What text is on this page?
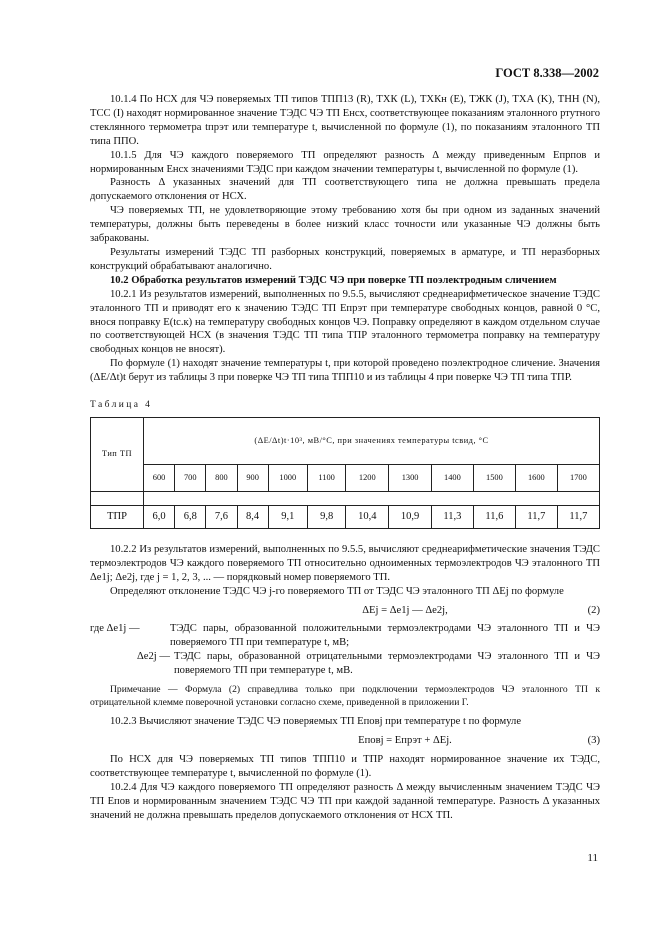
ГОСТ 8.338—2002

10.1.4 По НСХ для ЧЭ поверяемых ТП типов ТПП13 (R), ТХК (L), ТХКн (E), ТЖК (J), ТХА (K), ТНН (N), ТСС (I) находят нормированное значение ТЭДС ЧЭ ТП Eнсх, соответствующее показаниям эталонного ртутного стеклянного термометра tпрэт или температуре t, вычисленной по формуле (1), по показаниям эталонного ТП типа ППО.

10.1.5 Для ЧЭ каждого поверяемого ТП определяют разность Δ между приведенным Eпрпов и нормированным Eнсх значениями ТЭДС при каждом значении температуры t, вычисленной по формуле (1).

Разность Δ указанных значений для ТП соответствующего типа не должна превышать предела допускаемого отклонения от НСХ.

ЧЭ поверяемых ТП, не удовлетворяющие этому требованию хотя бы при одном из заданных значений температуры, должны быть переведены в более низкий класс точности или указанные ЧЭ должны быть забракованы.

Результаты измерений ТЭДС ТП разборных конструкций, поверяемых в арматуре, и ТП неразборных конструкций обрабатывают аналогично.

10.2 Обработка результатов измерений ТЭДС ЧЭ при поверке ТП поэлектродным сличением

10.2.1 Из результатов измерений, выполненных по 9.5.5, вычисляют среднеарифметическое значение ТЭДС эталонного ТП и приводят его к значению ТЭДС ТП Eпрэт при температуре свободных концов, равной 0 °С, внося поправку E(tс.к) на температуру свободных концов ЧЭ. Поправку определяют в каждом отдельном случае по соответствующей НСХ (в значения ТЭДС ТП типа ТПР эталонного термометра поправку на температуру свободных концов не вносят).

По формуле (1) находят значение температуры t, при которой проведено поэлектродное сличение. Значения (ΔE/Δt)t берут из таблицы 3 при поверке ЧЭ ТП типа ТПП10 и из таблицы 4 при поверке ЧЭ ТП типа ТПР.

Таблица 4
Тип ТП	(ΔE/Δt)t·10³, мВ/°С, при значениях температуры tсвид, °С											
	600	700	800	900	1000	1100	1200	1300	1400	1500	1600	1700

ТПР	6,0	6,8	7,6	8,4	9,1	9,8	10,4	10,9	11,3	11,6	11,7	11,7

10.2.2 Из результатов измерений, выполненных по 9.5.5, вычисляют среднеарифметические значения ТЭДС термоэлектродов ЧЭ каждого поверяемого ТП относительно одноименных термоэлектродов ЧЭ эталонного ТП Δe1j; Δe2j, где j = 1, 2, 3, ... — порядковый номер поверяемого ТП.

Определяют отклонение ТЭДС ЧЭ j-го поверяемого ТП от ТЭДС ЧЭ эталонного ТП ΔEj по формуле

ΔEj = Δe1j — Δe2j,	(2)
где Δe1j —	ТЭДС пары, образованной положительными термоэлектродами ЧЭ эталонного ТП и ЧЭ поверяемого ТП при температуре t, мВ;
Δe2j — ТЭДС пары, образованной отрицательными термоэлектродами ЧЭ эталонного ТП и ЧЭ поверяемого ТП при температуре t, мВ.

Примечание — Формула (2) справедлива только при подключении термоэлектродов ЧЭ эталонного ТП к отрицательной клемме поверочной установки согласно схеме, приведенной в приложении Г.

10.2.3 Вычисляют значение ТЭДС ЧЭ поверяемых ТП Eповj при температуре t по формуле

Eповj = Eпрэт + ΔEj.	(3)

По НСХ для ЧЭ поверяемых ТП типов ТПП10 и ТПР находят нормированное значение их ТЭДС, соответствующее температуре t, вычисленной по формуле (1).

10.2.4 Для ЧЭ каждого поверяемого ТП определяют разность Δ между вычисленным значением ТЭДС ЧЭ ТП Eпов и нормированным значением ТЭДС ЧЭ ТП при каждой заданной температуре. Разность Δ указанных значений не должна превышать пределов допускаемого отклонения от НСХ ТП.

11
